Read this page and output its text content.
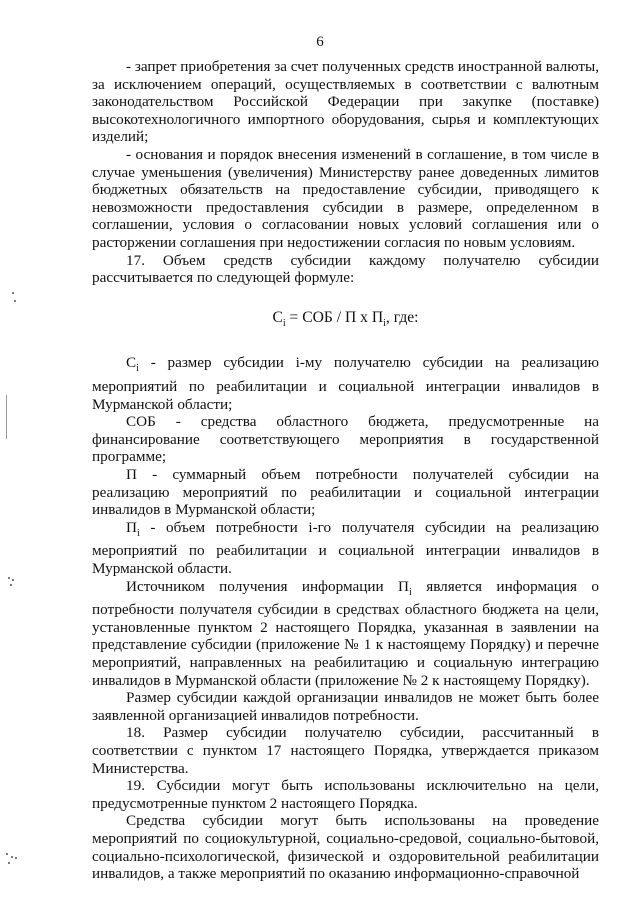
6

- запрет приобретения за счет полученных средств иностранной валюты, за исключением операций, осуществляемых в соответствии с валютным законодательством Российской Федерации при закупке (поставке) высокотехнологичного импортного оборудования, сырья и комплектующих изделий;

- основания и порядок внесения изменений в соглашение, в том числе в случае уменьшения (увеличения) Министерству ранее доведенных лимитов бюджетных обязательств на предоставление субсидии, приводящего к невозможности предоставления субсидии в размере, определенном в соглашении, условия о согласовании новых условий соглашения или о расторжении соглашения при недостижении согласия по новым условиям.

17. Объем средств субсидии каждому получателю субсидии рассчитывается по следующей формуле:

$C_i$ = СОБ / П х $П_i$, где:

$C_i$ - размер субсидии i-му получателю субсидии на реализацию мероприятий по реабилитации и социальной интеграции инвалидов в Мурманской области;

СОБ - средства областного бюджета, предусмотренные на финансирование соответствующего мероприятия в государственной программе;

П - суммарный объем потребности получателей субсидии на реализацию мероприятий по реабилитации и социальной интеграции инвалидов в Мурманской области;

$П_i$ - объем потребности i-го получателя субсидии на реализацию мероприятий по реабилитации и социальной интеграции инвалидов в Мурманской области.

Источником получения информации $П_i$ является информация о потребности получателя субсидии в средствах областного бюджета на цели, установленные пунктом 2 настоящего Порядка, указанная в заявлении на представление субсидии (приложение № 1 к настоящему Порядку) и перечне мероприятий, направленных на реабилитацию и социальную интеграцию инвалидов в Мурманской области (приложение № 2 к настоящему Порядку).

Размер субсидии каждой организации инвалидов не может быть более заявленной организацией инвалидов потребности.

18. Размер субсидии получателю субсидии, рассчитанный в соответствии с пунктом 17 настоящего Порядка, утверждается приказом Министерства.

19. Субсидии могут быть использованы исключительно на цели, предусмотренные пунктом 2 настоящего Порядка.

Средства субсидии могут быть использованы на проведение мероприятий по социокультурной, социально-средовой, социально-бытовой, социально-психологической, физической и оздоровительной реабилитации инвалидов, а также мероприятий по оказанию информационно-справочной
